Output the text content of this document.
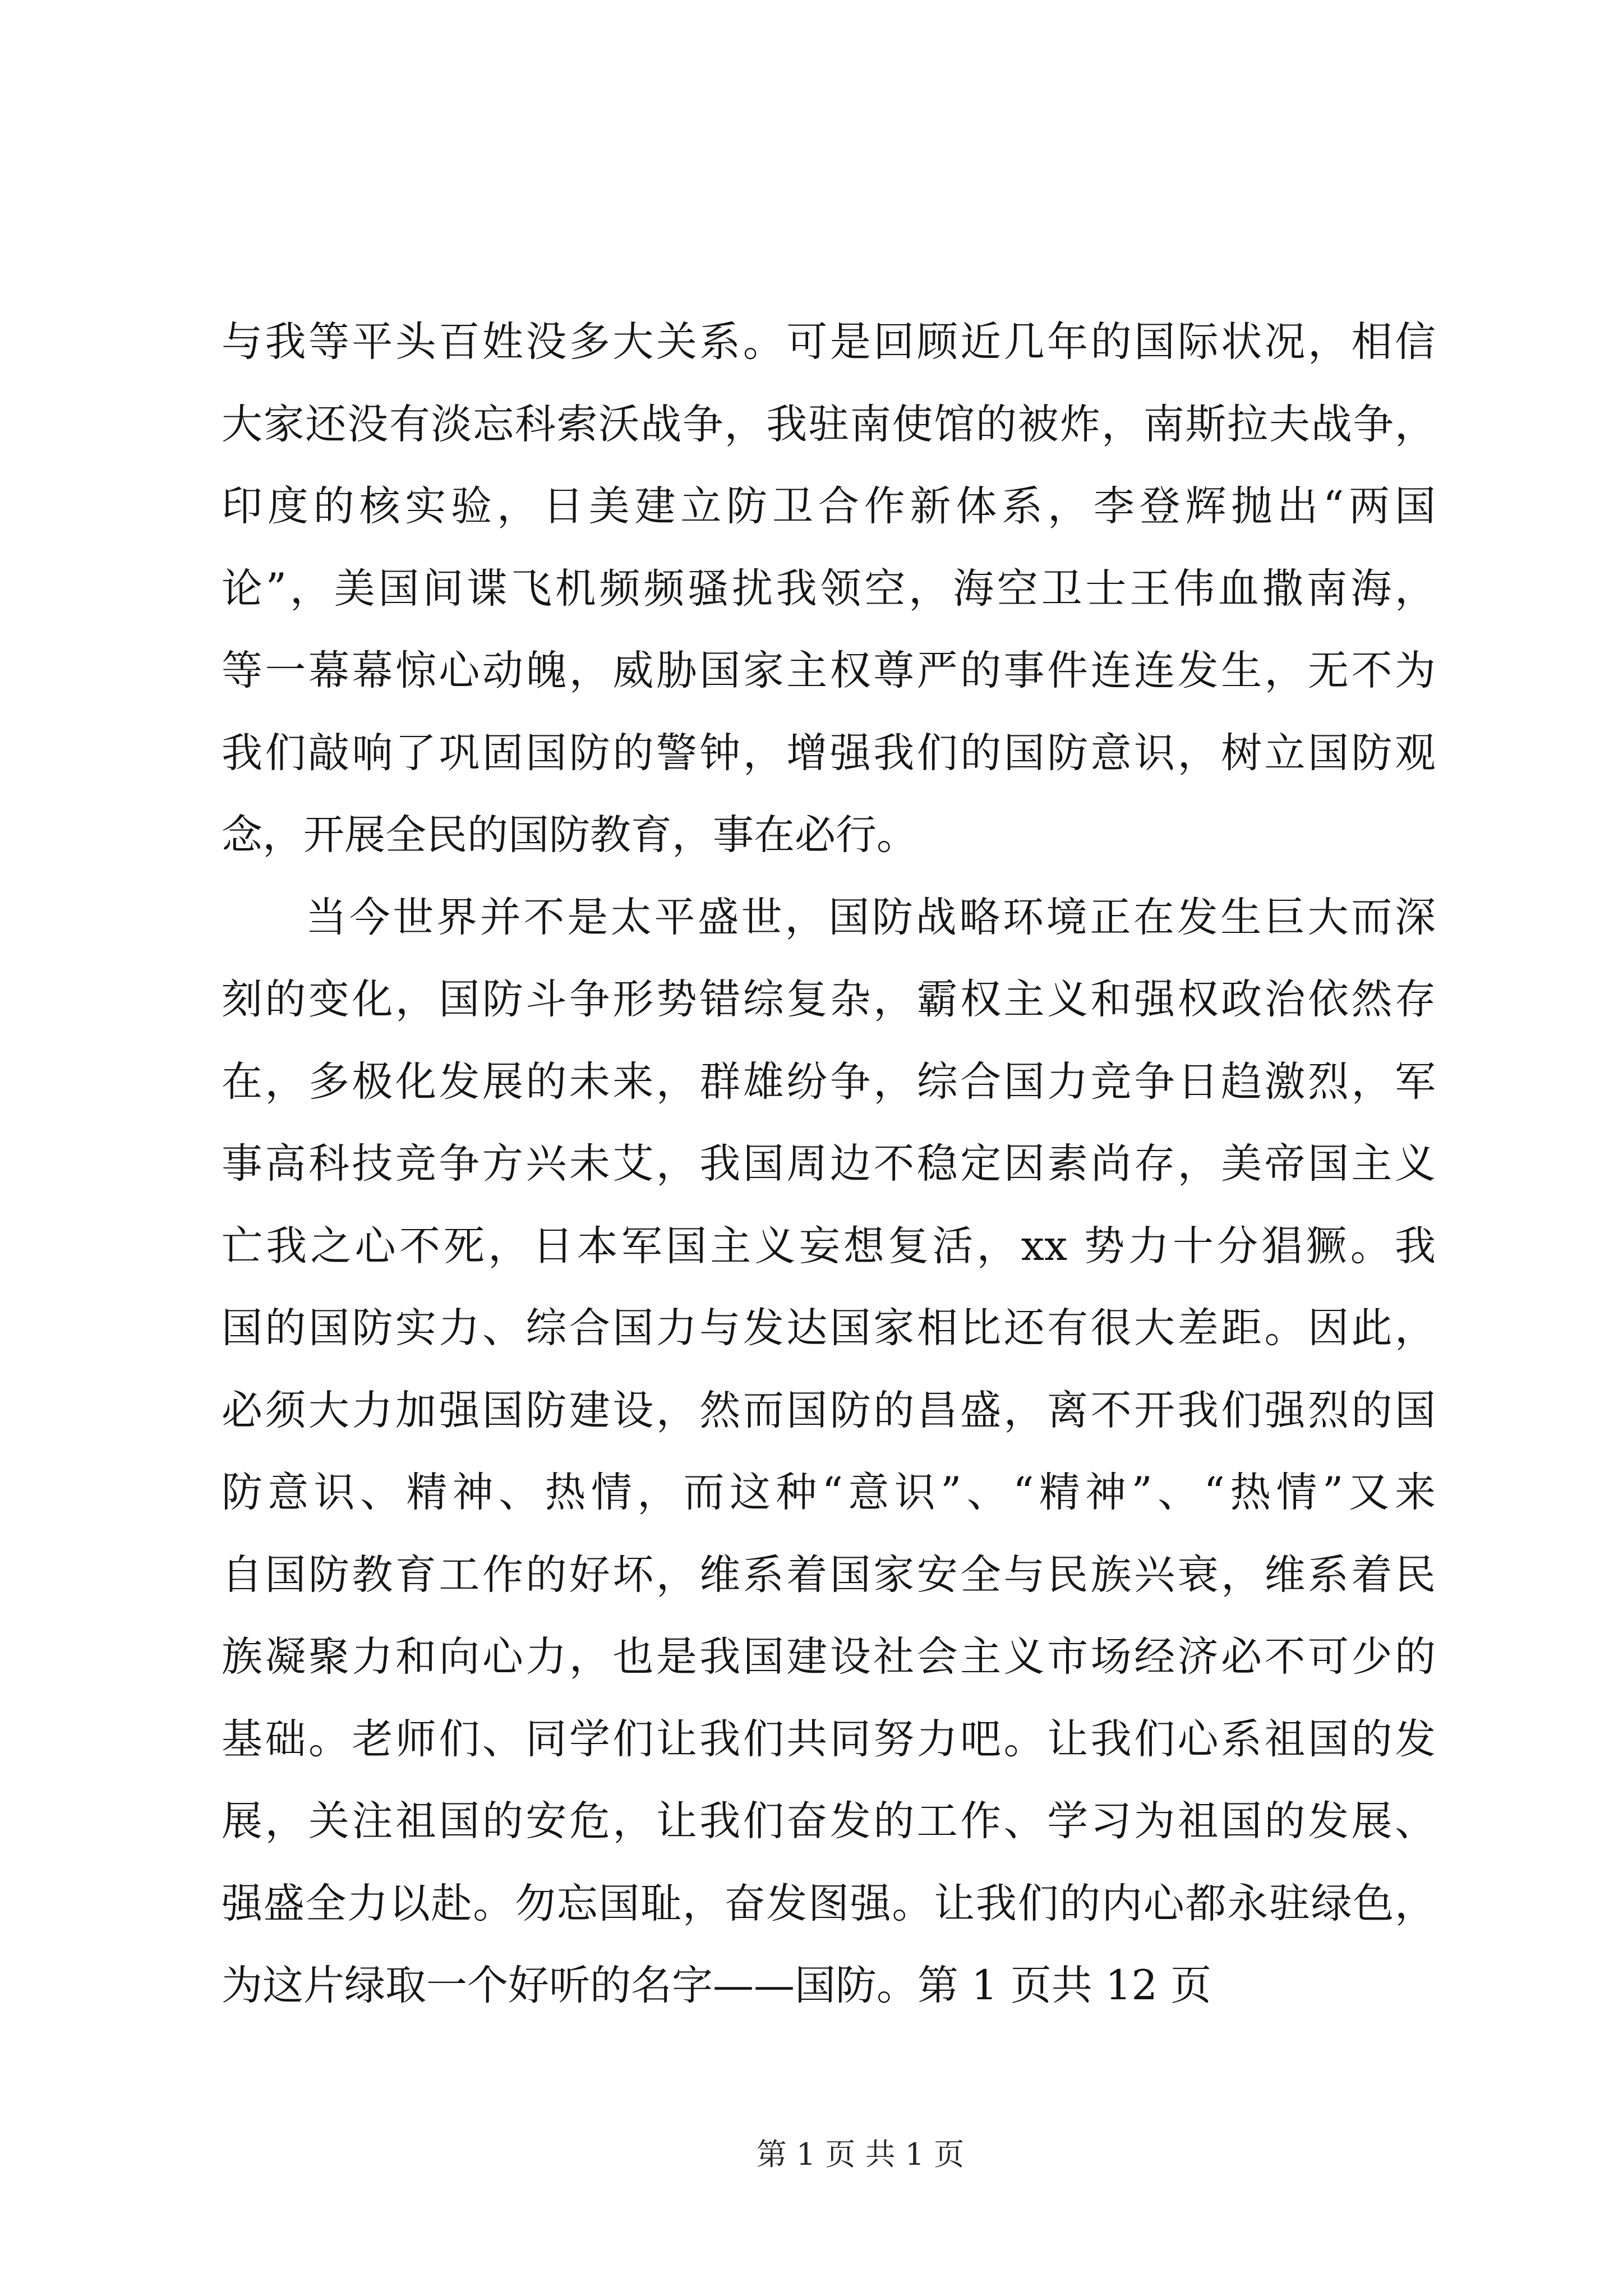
与我等平头百姓没多大关系。可是回顾近几年的国际状况，相信
大家还没有淡忘科索沃战争，我驻南使馆的被炸，南斯拉夫战争，
印度的核实验，日美建立防卫合作新体系，李登辉抛出“两国
论”，美国间谍飞机频频骚扰我领空，海空卫士王伟血撒南海，
等一幕幕惊心动魄，威胁国家主权尊严的事件连连发生，无不为
我们敲响了巩固国防的警钟，增强我们的国防意识，树立国防观
念，开展全民的国防教育，事在必行。
当今世界并不是太平盛世，国防战略环境正在发生巨大而深
刻的变化，国防斗争形势错综复杂，霸权主义和强权政治依然存
在，多极化发展的未来，群雄纷争，综合国力竞争日趋激烈，军
事高科技竞争方兴未艾，我国周边不稳定因素尚存，美帝国主义
亡我之心不死，日本军国主义妄想复活，xx 势力十分猖獗。我
国的国防实力、综合国力与发达国家相比还有很大差距。因此，
必须大力加强国防建设，然而国防的昌盛，离不开我们强烈的国
防意识、精神、热情，而这种“意识”、“精神”、“热情”又来
自国防教育工作的好坏，维系着国家安全与民族兴衰，维系着民
族凝聚力和向心力，也是我国建设社会主义市场经济必不可少的
基础。老师们、同学们让我们共同努力吧。让我们心系祖国的发
展，关注祖国的安危，让我们奋发的工作、学习为祖国的发展、
强盛全力以赴。勿忘国耻，奋发图强。让我们的内心都永驻绿色，
为这片绿取一个好听的名字——国防。第 1 页共 12 页
第 1 页 共 1 页
